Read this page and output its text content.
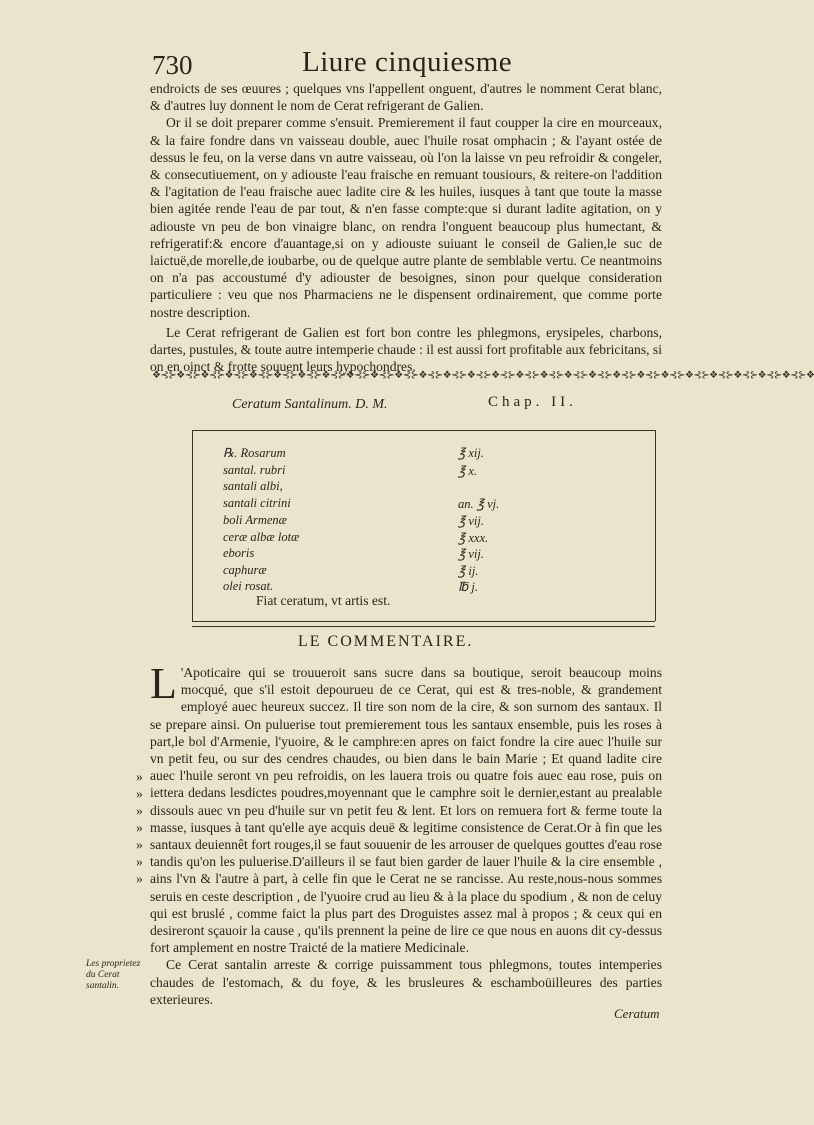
730	Liure cinquiesme

endroicts de ses œuures ; quelques vns l'appellent onguent, d'autres le nomment Cerat blanc, & d'autres luy donnent le nom de Cerat refrigerant de Galien.

Or il se doit preparer comme s'ensuit. Premierement il faut coupper la cire en mourceaux, & la faire fondre dans vn vaisseau double, auec l'huile rosat omphacin ; & l'ayant ostée de dessus le feu, on la verse dans vn autre vaisseau, où l'on la laisse vn peu refroidir & congeler, & consecutiuement, on y adiouste l'eau fraische en remuant tousiours, & reitere-on l'addition & l'agitation de l'eau fraische auec ladite cire & les huiles, iusques à tant que toute la masse bien agitée rende l'eau de par tout, & n'en fasse compte:que si durant ladite agitation, on y adiouste vn peu de bon vinaigre blanc, on rendra l'onguent beaucoup plus humectant, & refrigeratif:& encore d'auantage,si on y adiouste suiuant le conseil de Galien,le suc de laictuë,de morelle,de ioubarbe, ou de quelque autre plante de semblable vertu. Ce neantmoins on n'a pas accoustumé d'y adiouster de besoignes, sinon pour quelque consideration particuliere : veu que nos Pharmaciens ne le dispensent ordinairement, que comme porte nostre description.

Le Cerat refrigerant de Galien est fort bon contre les phlegmons, erysipeles, charbons, dartes, pustules, & toute autre intemperie chaude : il est aussi fort profitable aux febricitans, si on en oinct & frotte souuent leurs hypochondres.

❖⊰⊱❖⊰⊱❖⊰⊱❖⊰⊱❖⊰⊱❖⊰⊱❖⊰⊱❖⊰⊱❖⊰⊱❖⊰⊱❖⊰⊱❖⊰⊱❖⊰⊱❖⊰⊱❖⊰⊱❖⊰⊱❖⊰⊱❖⊰⊱❖⊰⊱❖⊰⊱❖⊰⊱❖⊰⊱❖⊰⊱❖⊰⊱❖⊰⊱❖⊰⊱❖⊰⊱❖
Ceratum Santalinum. D. M.	Chap. II.
℞. Rosarum	℥ xij.
santal. rubri	℥ x.
santali albi,
santali citrini	an. ℥ vj.
boli Armenæ	℥ vij.
ceræ albæ lotæ	℥ xxx.
eboris	℥ vij.
caphuræ	℥ ij.
olei rosat.	℔ j.
Fiat ceratum, vt artis est.
LE COMMENTAIRE.

L 'Apoticaire qui se trouueroit sans sucre dans sa boutique, seroit beaucoup moins mocqué, que s'il estoit depourueu de ce Cerat, qui est & tres-noble, & grandement employé auec heureux succez. Il tire son nom de la cire, & son surnom des santaux. Il se prepare ainsi. On puluerise tout premierement tous les santaux ensemble, puis les roses à part,le bol d'Armenie, l'yuoire, & le camphre:en apres on faict fondre la cire auec l'huile sur vn petit feu, ou sur des cendres chaudes, ou bien dans le bain Marie ; Et quand ladite cire auec l'huile seront vn peu refroidis, on les lauera trois ou quatre fois auec eau rose, puis on iettera dedans lesdictes poudres,moyennant que le camphre soit le dernier,estant au prealable dissouls auec vn peu d'huile sur vn petit feu & lent. Et lors on remuera fort & ferme toute la masse, iusques à tant qu'elle aye acquis deuë & legitime consistence de Cerat.Or à fin que les santaux deuiennêt fort rouges,il se faut souuenir de les arrouser de quelques gouttes d'eau rose tandis qu'on les puluerise.D'ailleurs il se faut bien garder de lauer l'huile & la cire ensemble , ains l'vn & l'autre à part, à celle fin que le Cerat ne se rancisse. Au reste,nous-nous sommes seruis en ceste description , de l'yuoire crud au lieu & à la place du spodium , & non de celuy qui est bruslé , comme faict la plus part des Droguistes assez mal à propos ; & ceux qui en desireront sçauoir la cause , qu'ils prennent la peine de lire ce que nous en auons dit cy-dessus fort amplement en nostre Traicté de la matiere Medicinale.

Ce Cerat santalin arreste & corrige puissamment tous phlegmons, toutes intemperies chaudes de l'estomach, & du foye, & les brusleures & eschamboüilleures des parties exterieures.

»
»
»
»
»
»
»
Les proprietez du Cerat santalin.
Ceratum
